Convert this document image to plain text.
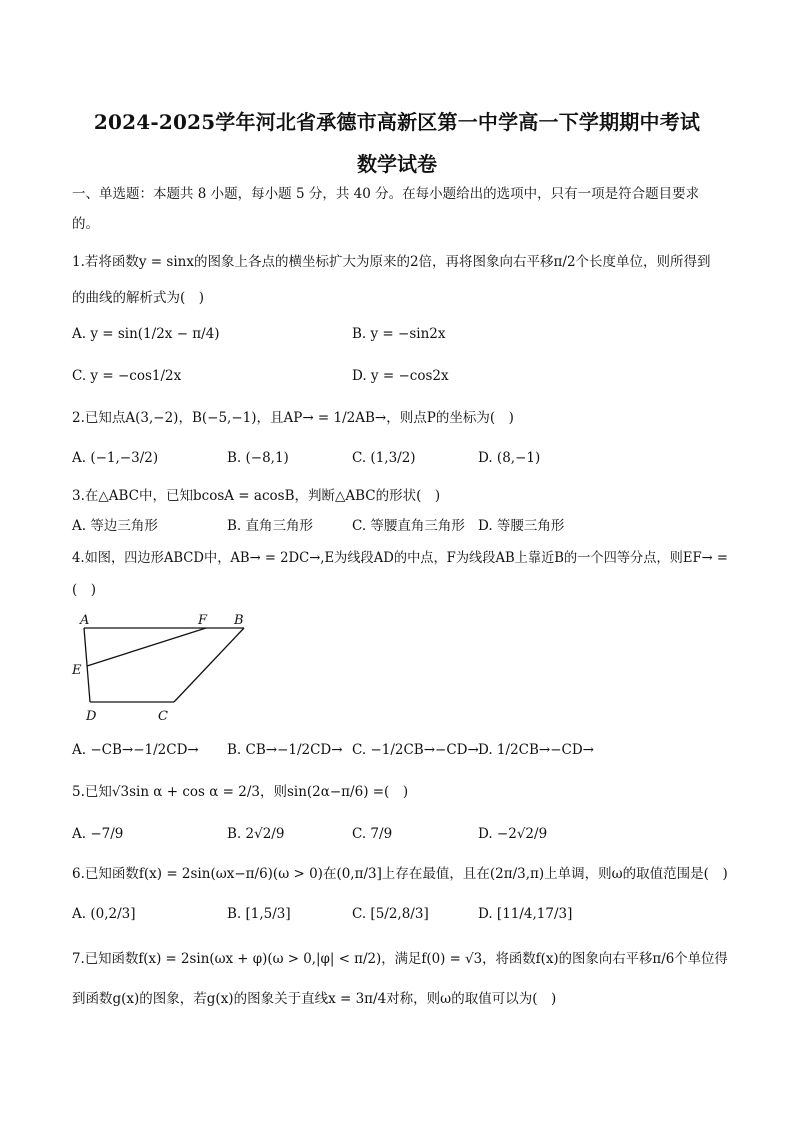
2024-2025学年河北省承德市高新区第一中学高一下学期期中考试
数学试卷
一、单选题：本题共 8 小题，每小题 5 分，共 40 分。在每小题给出的选项中，只有一项是符合题目要求
的。
1.若将函数y = sinx的图象上各点的横坐标扩大为原来的2倍，再将图象向右平移π/2个长度单位，则所得到
的曲线的解析式为(　)
A. y = sin(1/2x − π/4)	B. y = −sin2x
C. y = −cos1/2x	D. y = −cos2x
2.已知点A(3,−2)，B(−5,−1)，且AP→ = 1/2AB→，则点P的坐标为(　)
A. (−1,−3/2)	B. (−8,1)	C. (1,3/2)	D. (8,−1)
3.在△ABC中，已知bcosA = acosB，判断△ABC的形状(　)
A. 等边三角形	B. 直角三角形	C. 等腰直角三角形 D. 等腰三角形
4.如图，四边形ABCD中，AB→ = 2DC→,E为线段AD的中点，F为线段AB上靠近B的一个四等分点，则EF→ =
(　)
A	F B
E
D	C
A. −CB→−1/2CD→ B. CB→−1/2CD→ C. −1/2CB→−CD→ D. 1/2CB→−CD→
5.已知√3sin α + cos α = 2/3，则sin(2α−π/6) =(　)
A. −7/9	B. 2√2/9	C. 7/9	D. −2√2/9
6.已知函数f(x) = 2sin(ωx−π/6)(ω > 0)在(0,π/3]上存在最值，且在(2π/3,π)上单调，则ω的取值范围是(　)
A. (0,2/3]	B. [1,5/3]	C. [5/2,8/3]	D. [11/4,17/3]
7.已知函数f(x) = 2sin(ωx + φ)(ω > 0,|φ| < π/2)，满足f(0) = √3，将函数f(x)的图象向右平移π/6个单位得
到函数g(x)的图象，若g(x)的图象关于直线x = 3π/4对称，则ω的取值可以为(　)
